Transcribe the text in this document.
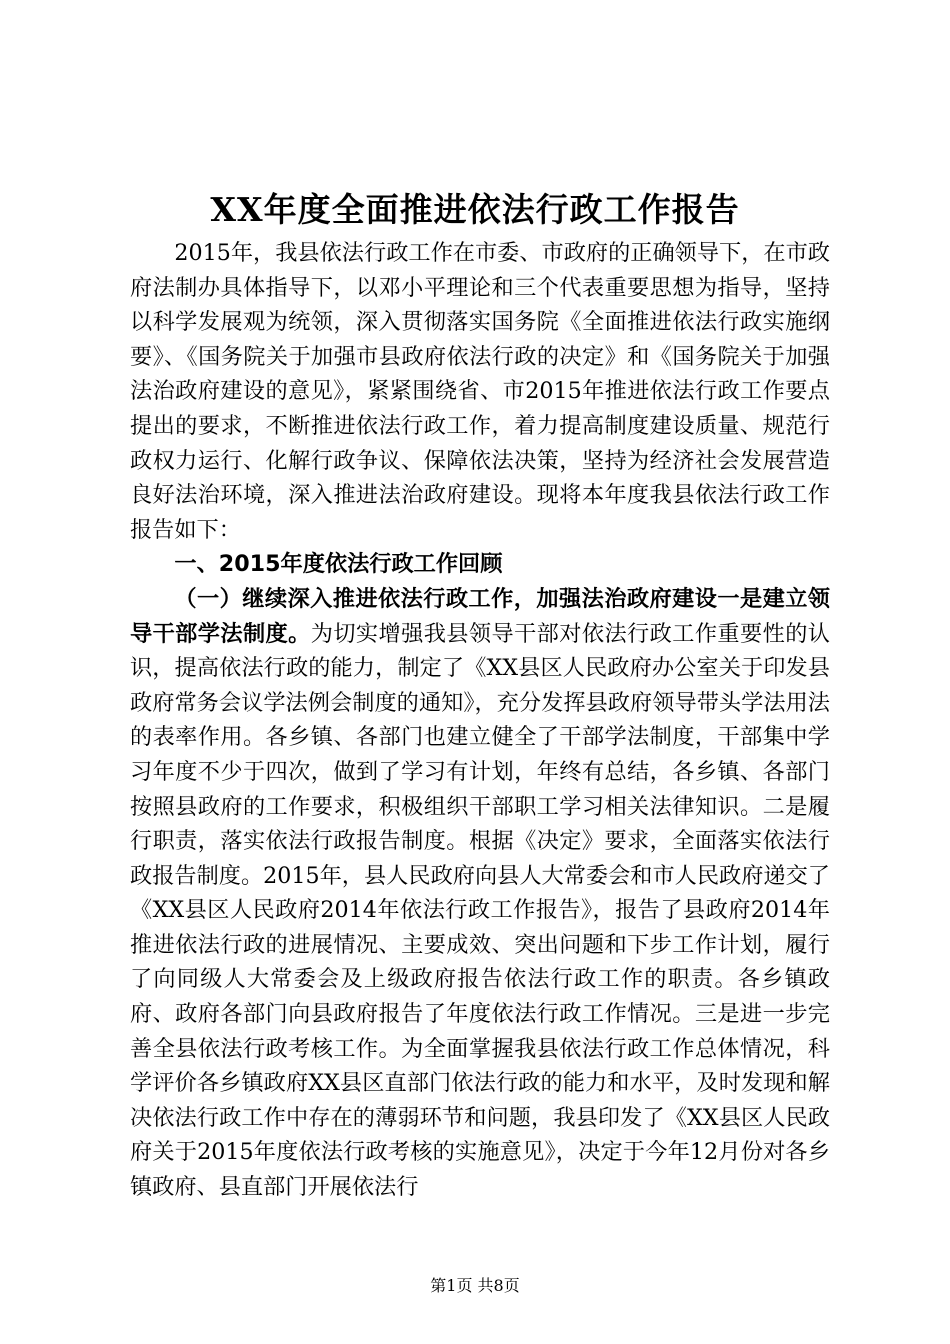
XX年度全面推进依法行政工作报告

2015年，我县依法行政工作在市委、市政府的正确领导下，在市政府法制办具体指导下，以邓小平理论和三个代表重要思想为指导，坚持以科学发展观为统领，深入贯彻落实国务院《全面推进依法行政实施纲要》、《国务院关于加强市县政府依法行政的决定》和《国务院关于加强法治政府建设的意见》，紧紧围绕省、市2015年推进依法行政工作要点提出的要求，不断推进依法行政工作，着力提高制度建设质量、规范行政权力运行、化解行政争议、保障依法决策，坚持为经济社会发展营造良好法治环境，深入推进法治政府建设。现将本年度我县依法行政工作报告如下：

一、2015年度依法行政工作回顾

（一）继续深入推进依法行政工作，加强法治政府建设一是建立领导干部学法制度。为切实增强我县领导干部对依法行政工作重要性的认识，提高依法行政的能力，制定了《XX县区人民政府办公室关于印发县政府常务会议学法例会制度的通知》，充分发挥县政府领导带头学法用法的表率作用。各乡镇、各部门也建立健全了干部学法制度，干部集中学习年度不少于四次，做到了学习有计划，年终有总结，各乡镇、各部门按照县政府的工作要求，积极组织干部职工学习相关法律知识。二是履行职责，落实依法行政报告制度。根据《决定》要求，全面落实依法行政报告制度。2015年，县人民政府向县人大常委会和市人民政府递交了《XX县区人民政府2014年依法行政工作报告》，报告了县政府2014年推进依法行政的进展情况、主要成效、突出问题和下步工作计划，履行了向同级人大常委会及上级政府报告依法行政工作的职责。各乡镇政府、政府各部门向县政府报告了年度依法行政工作情况。三是进一步完善全县依法行政考核工作。为全面掌握我县依法行政工作总体情况，科学评价各乡镇政府XX县区直部门依法行政的能力和水平，及时发现和解决依法行政工作中存在的薄弱环节和问题，我县印发了《XX县区人民政府关于2015年度依法行政考核的实施意见》，决定于今年12月份对各乡镇政府、县直部门开展依法行

第1页 共8页
